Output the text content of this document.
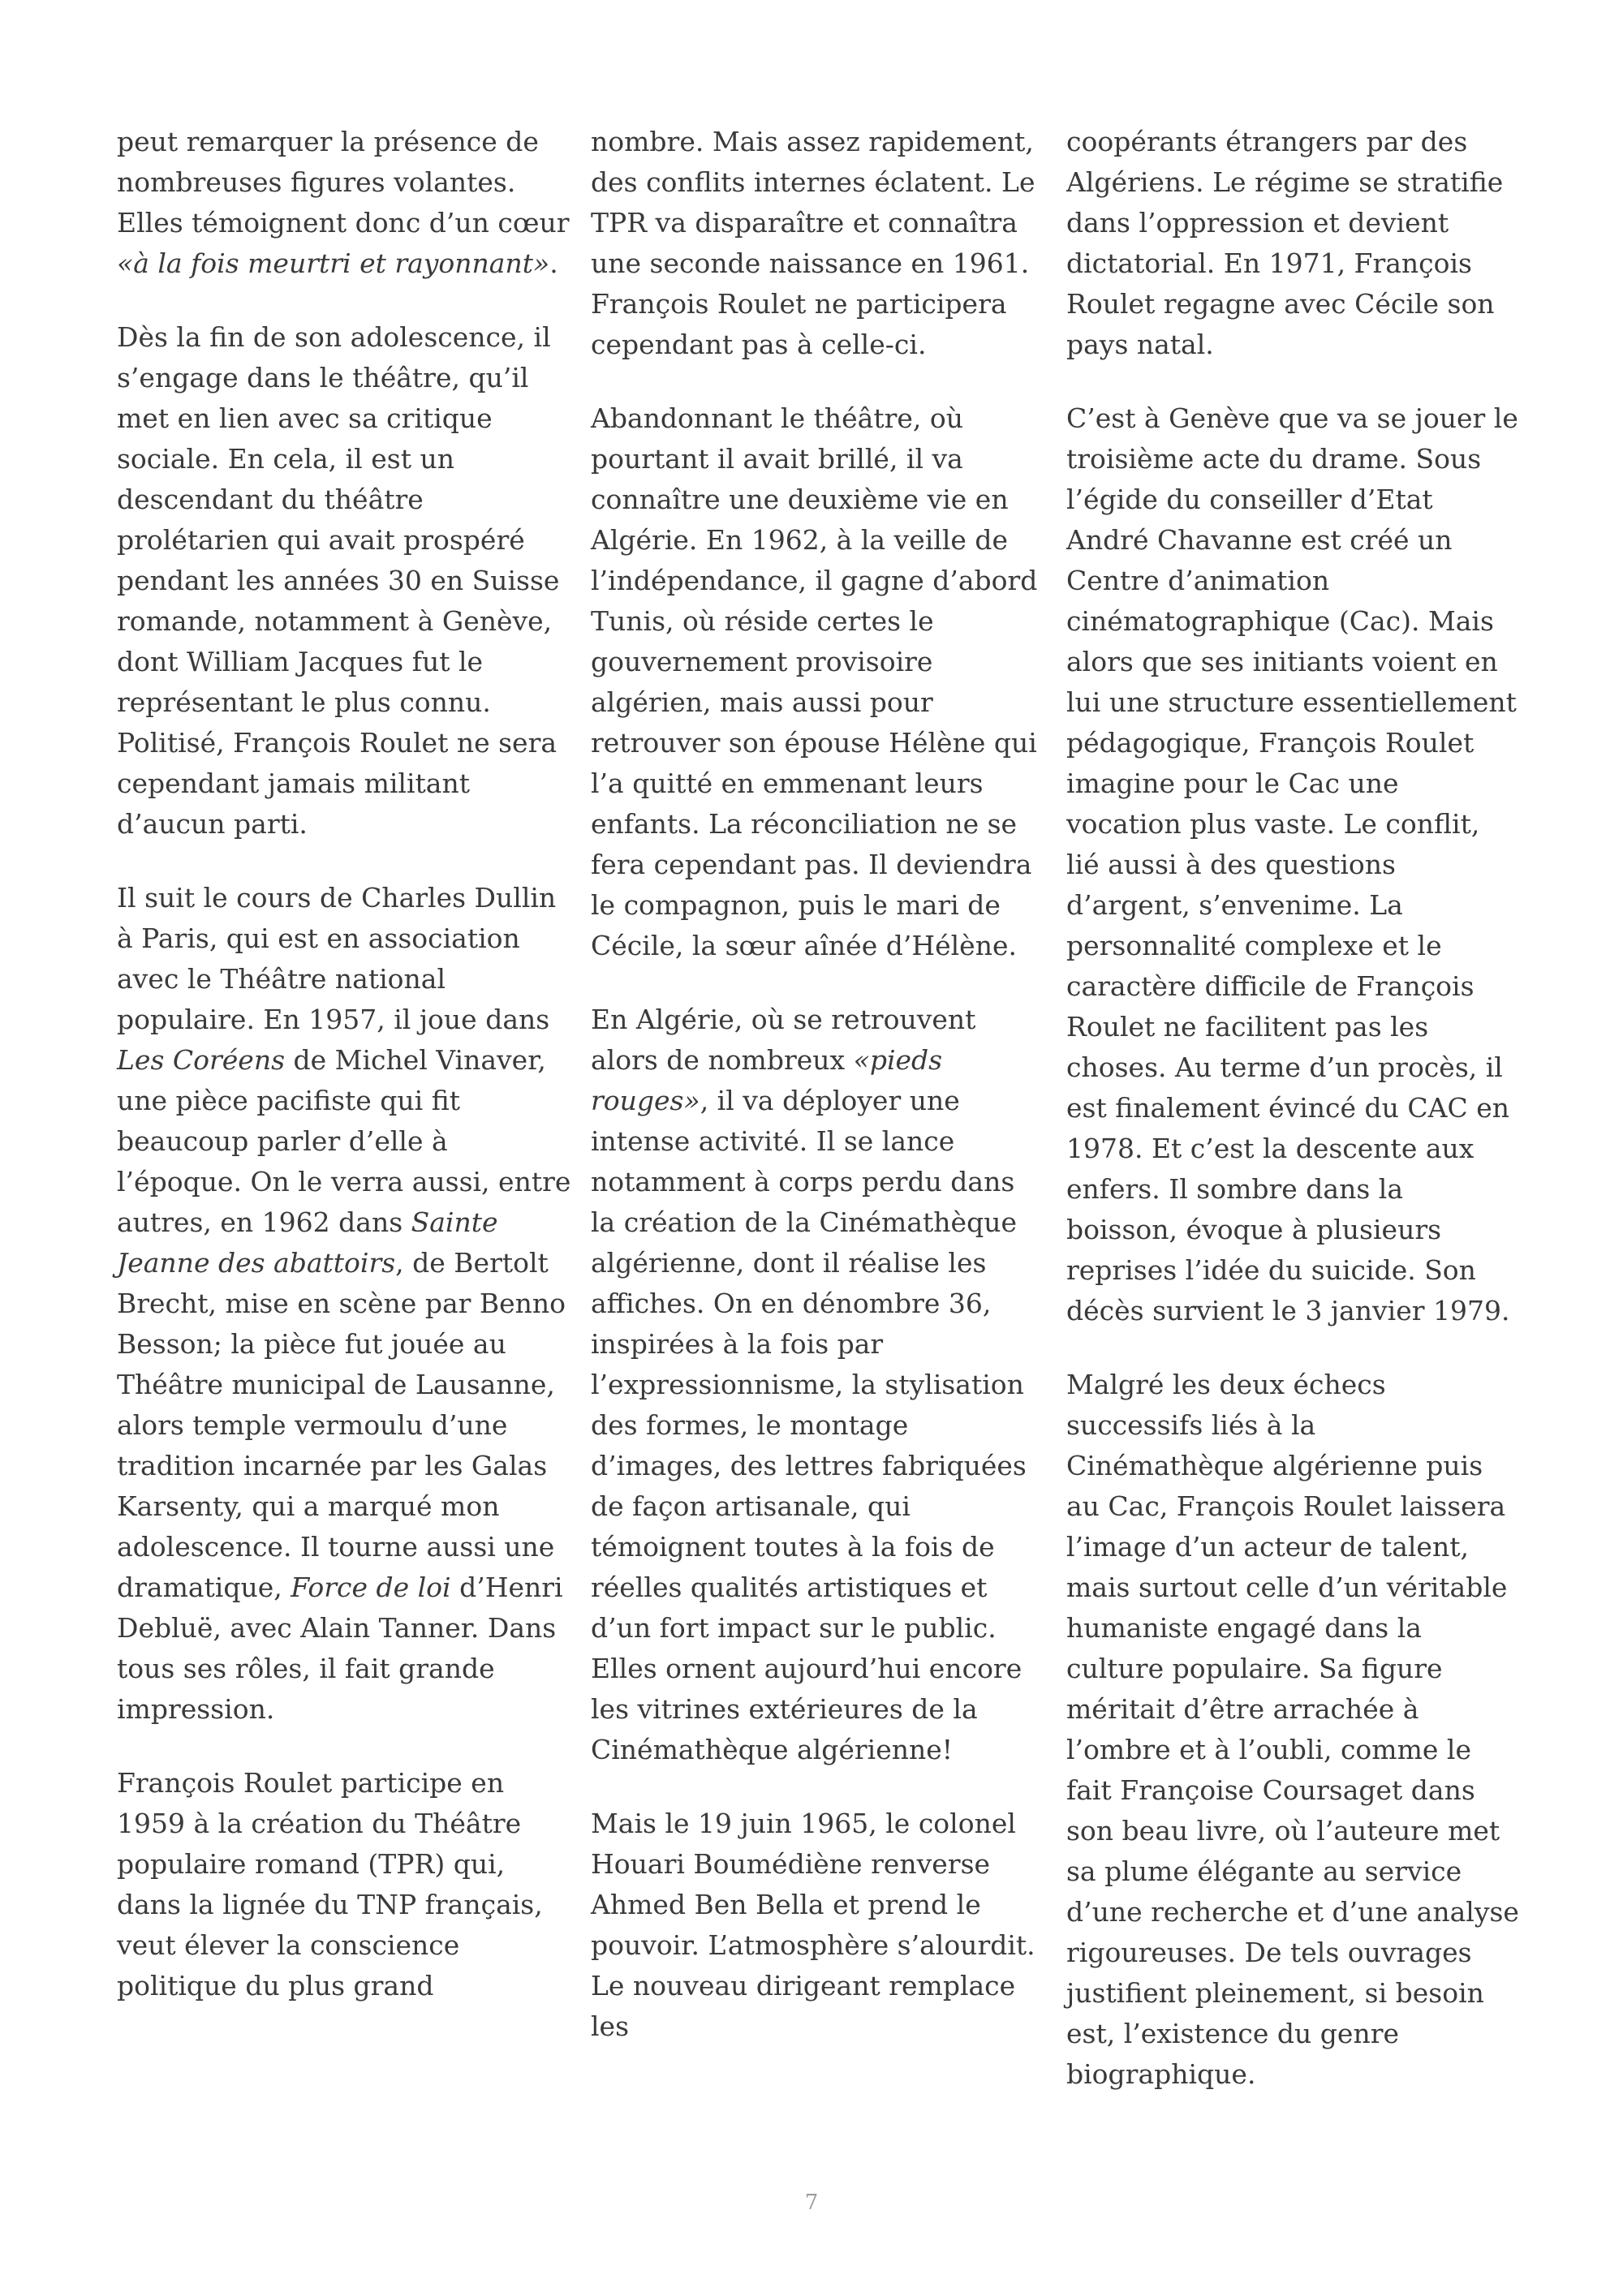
peut remarquer la présence de nombreuses figures volantes. Elles témoignent donc d’un cœur «à la fois meurtri et rayonnant».

Dès la fin de son adolescence, il s’engage dans le théâtre, qu’il met en lien avec sa critique sociale. En cela, il est un descendant du théâtre prolétarien qui avait prospéré pendant les années 30 en Suisse romande, notamment à Genève, dont William Jacques fut le représentant le plus connu. Politisé, François Roulet ne sera cependant jamais militant d’aucun parti.

Il suit le cours de Charles Dullin à Paris, qui est en association avec le Théâtre national populaire. En 1957, il joue dans Les Coréens de Michel Vinaver, une pièce pacifiste qui fit beaucoup parler d’elle à l’époque. On le verra aussi, entre autres, en 1962 dans Sainte Jeanne des abattoirs, de Bertolt Brecht, mise en scène par Benno Besson; la pièce fut jouée au Théâtre municipal de Lausanne, alors temple vermoulu d’une tradition incarnée par les Galas Karsenty, qui a marqué mon adolescence. Il tourne aussi une dramatique, Force de loi d’Henri Debluë, avec Alain Tanner. Dans tous ses rôles, il fait grande impression.

François Roulet participe en 1959 à la création du Théâtre populaire romand (TPR) qui, dans la lignée du TNP français, veut élever la conscience politique du plus grand

nombre. Mais assez rapidement, des conflits internes éclatent. Le TPR va disparaître et connaîtra une seconde naissance en 1961. François Roulet ne participera cependant pas à celle-ci.

Abandonnant le théâtre, où pourtant il avait brillé, il va connaître une deuxième vie en Algérie. En 1962, à la veille de l’indépendance, il gagne d’abord Tunis, où réside certes le gouvernement provisoire algérien, mais aussi pour retrouver son épouse Hélène qui l’a quitté en emmenant leurs enfants. La réconciliation ne se fera cependant pas. Il deviendra le compagnon, puis le mari de Cécile, la sœur aînée d’Hélène.

En Algérie, où se retrouvent alors de nombreux «pieds rouges», il va déployer une intense activité. Il se lance notamment à corps perdu dans la création de la Cinémathèque algérienne, dont il réalise les affiches. On en dénombre 36, inspirées à la fois par l’expressionnisme, la stylisation des formes, le montage d’images, des lettres fabriquées de façon artisanale, qui témoignent toutes à la fois de réelles qualités artistiques et d’un fort impact sur le public. Elles ornent aujourd’hui encore les vitrines extérieures de la Cinémathèque algérienne!

Mais le 19 juin 1965, le colonel Houari Boumédiène renverse Ahmed Ben Bella et prend le pouvoir. L’atmosphère s’alourdit. Le nouveau dirigeant remplace les

coopérants étrangers par des Algériens. Le régime se stratifie dans l’oppression et devient dictatorial. En 1971, François Roulet regagne avec Cécile son pays natal.

C’est à Genève que va se jouer le troisième acte du drame. Sous l’égide du conseiller d’Etat André Chavanne est créé un Centre d’animation cinématographique (Cac). Mais alors que ses initiants voient en lui une structure essentiellement pédagogique, François Roulet imagine pour le Cac une vocation plus vaste. Le conflit, lié aussi à des questions d’argent, s’envenime. La personnalité complexe et le caractère difficile de François Roulet ne facilitent pas les choses. Au terme d’un procès, il est finalement évincé du CAC en 1978. Et c’est la descente aux enfers. Il sombre dans la boisson, évoque à plusieurs reprises l’idée du suicide. Son décès survient le 3 janvier 1979.

Malgré les deux échecs successifs liés à la Cinémathèque algérienne puis au Cac, François Roulet laissera l’image d’un acteur de talent, mais surtout celle d’un véritable humaniste engagé dans la culture populaire. Sa figure méritait d’être arrachée à l’ombre et à l’oubli, comme le fait Françoise Coursaget dans son beau livre, où l’auteure met sa plume élégante au service d’une recherche et d’une analyse rigoureuses. De tels ouvrages justifient pleinement, si besoin est, l’existence du genre biographique.

7
